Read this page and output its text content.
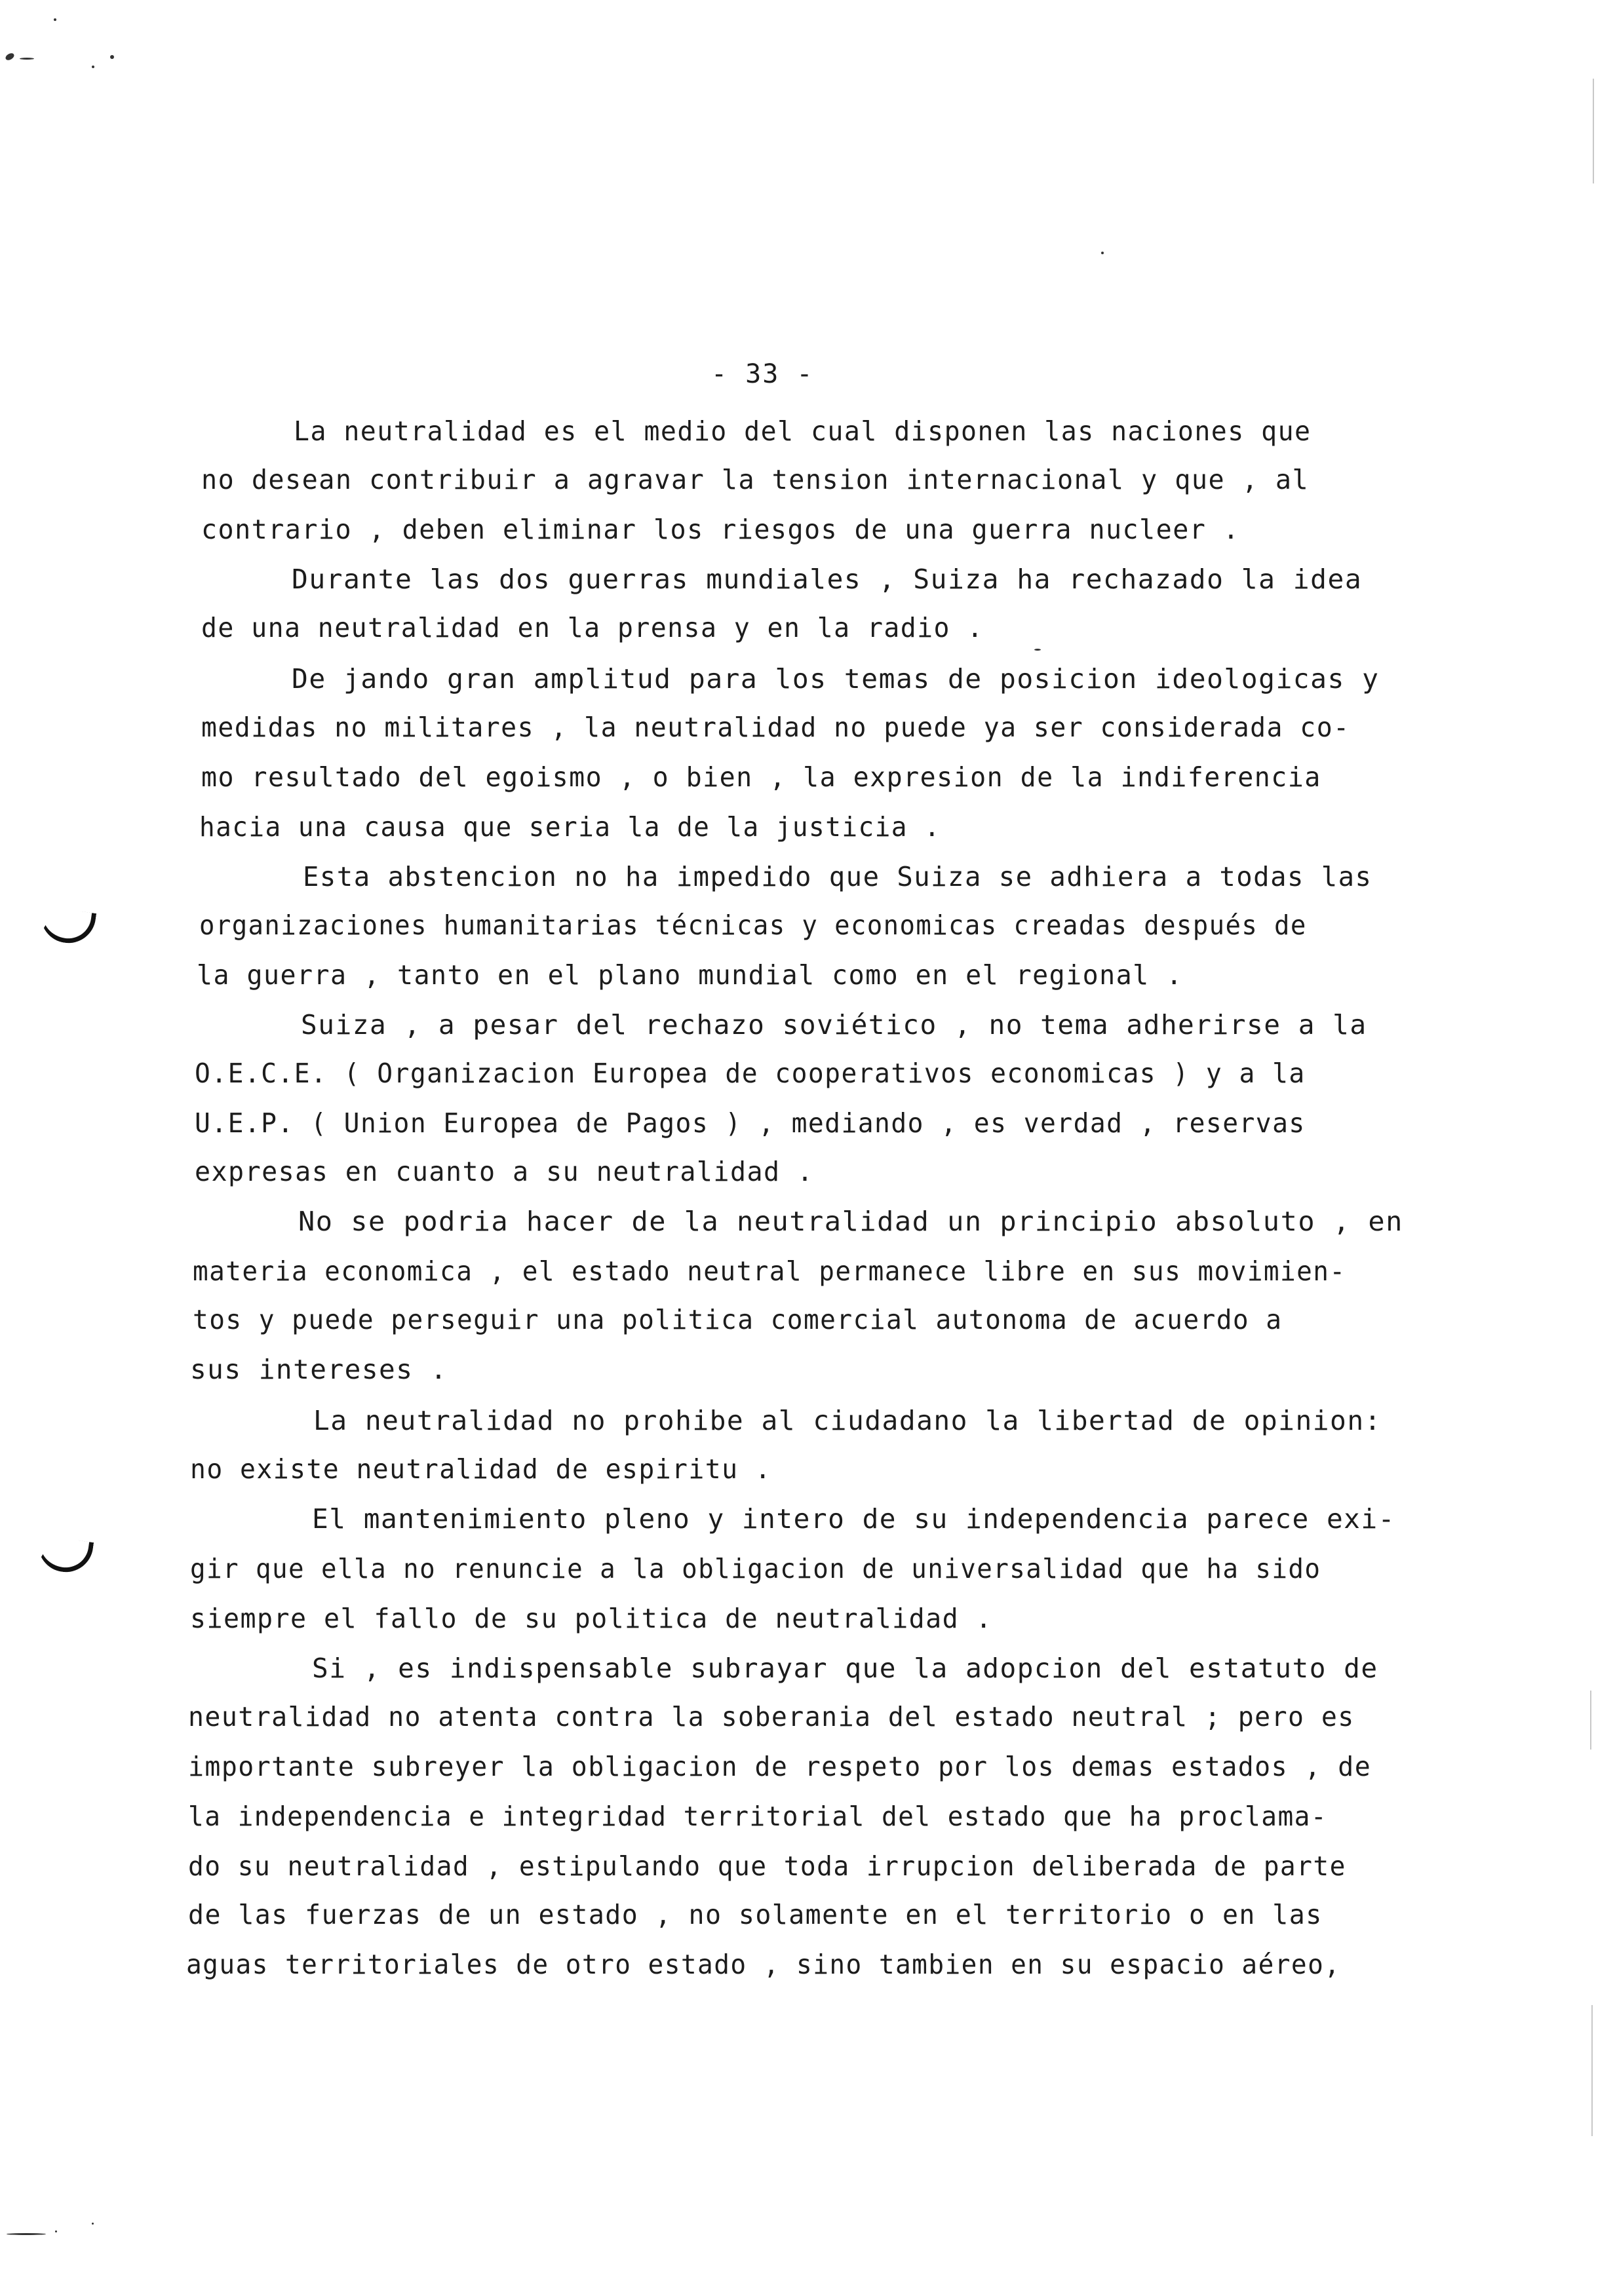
- 33 -
La neutralidad es el medio del cual disponen las naciones que
no desean contribuir a agravar la tension internacional y que , al
contrario , deben eliminar los riesgos de una guerra nucleer .
Durante las dos guerras mundiales , Suiza ha rechazado la idea
de una neutralidad en la prensa y en la radio .
De jando gran amplitud para los temas de posicion ideologicas y
medidas no militares , la neutralidad no puede ya ser considerada co-
mo resultado del egoismo , o bien , la expresion de la indiferencia
hacia una causa que seria la de la justicia .
Esta abstencion no ha impedido que Suiza se adhiera a todas las
organizaciones humanitarias técnicas y economicas creadas después de
la guerra , tanto en el plano mundial como en el regional .
Suiza , a pesar del rechazo soviético , no tema adherirse a la
O.E.C.E. ( Organizacion Europea de cooperativos economicas ) y a la
U.E.P. ( Union Europea de Pagos ) , mediando , es verdad , reservas
expresas en cuanto a su neutralidad .
No se podria hacer de la neutralidad un principio absoluto , en
materia economica , el estado neutral permanece libre en sus movimien-
tos y puede perseguir una politica comercial autonoma de acuerdo a
sus intereses .
La neutralidad no prohibe al ciudadano la libertad de opinion:
no existe neutralidad de espiritu .
El mantenimiento pleno y intero de su independencia parece exi-
gir que ella no renuncie a la obligacion de universalidad que ha sido
siempre el fallo de su politica de neutralidad .
Si , es indispensable subrayar que la adopcion del estatuto de
neutralidad no atenta contra la soberania del estado neutral ; pero es
importante subreyer la obligacion de respeto por los demas estados , de
la independencia e integridad territorial del estado que ha proclama-
do su neutralidad , estipulando que toda irrupcion deliberada de parte
de las fuerzas de un estado , no solamente en el territorio o en las
aguas territoriales de otro estado , sino tambien en su espacio aéreo,
